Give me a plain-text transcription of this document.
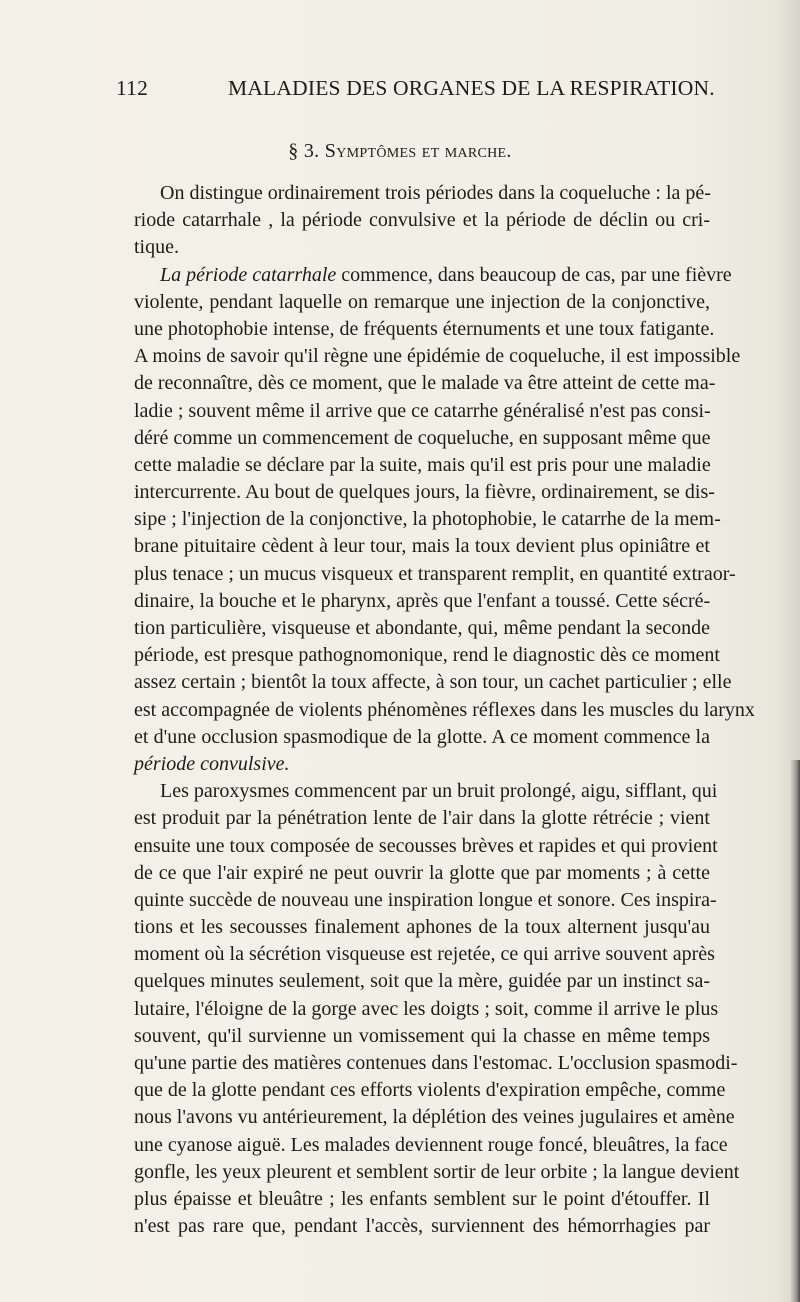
112	MALADIES DES ORGANES DE LA RESPIRATION.
§ 3. Symptômes et marche.
On distingue ordinairement trois périodes dans la coqueluche : la pé-
riode catarrhale , la période convulsive et la période de déclin ou cri-
tique.
La période catarrhale commence, dans beaucoup de cas, par une fièvre
violente, pendant laquelle on remarque une injection de la conjonctive,
une photophobie intense, de fréquents éternuments et une toux fatigante.
A moins de savoir qu'il règne une épidémie de coqueluche, il est impossible
de reconnaître, dès ce moment, que le malade va être atteint de cette ma-
ladie ; souvent même il arrive que ce catarrhe généralisé n'est pas consi-
déré comme un commencement de coqueluche, en supposant même que
cette maladie se déclare par la suite, mais qu'il est pris pour une maladie
intercurrente. Au bout de quelques jours, la fièvre, ordinairement, se dis-
sipe ; l'injection de la conjonctive, la photophobie, le catarrhe de la mem-
brane pituitaire cèdent à leur tour, mais la toux devient plus opiniâtre et
plus tenace ; un mucus visqueux et transparent remplit, en quantité extraor-
dinaire, la bouche et le pharynx, après que l'enfant a toussé. Cette sécré-
tion particulière, visqueuse et abondante, qui, même pendant la seconde
période, est presque pathognomonique, rend le diagnostic dès ce moment
assez certain ; bientôt la toux affecte, à son tour, un cachet particulier ; elle
est accompagnée de violents phénomènes réflexes dans les muscles du larynx
et d'une occlusion spasmodique de la glotte. A ce moment commence la
période convulsive.
Les paroxysmes commencent par un bruit prolongé, aigu, sifflant, qui
est produit par la pénétration lente de l'air dans la glotte rétrécie ; vient
ensuite une toux composée de secousses brèves et rapides et qui provient
de ce que l'air expiré ne peut ouvrir la glotte que par moments ; à cette
quinte succède de nouveau une inspiration longue et sonore. Ces inspira-
tions et les secousses finalement aphones de la toux alternent jusqu'au
moment où la sécrétion visqueuse est rejetée, ce qui arrive souvent après
quelques minutes seulement, soit que la mère, guidée par un instinct sa-
lutaire, l'éloigne de la gorge avec les doigts ; soit, comme il arrive le plus
souvent, qu'il survienne un vomissement qui la chasse en même temps
qu'une partie des matières contenues dans l'estomac. L'occlusion spasmodi-
que de la glotte pendant ces efforts violents d'expiration empêche, comme
nous l'avons vu antérieurement, la déplétion des veines jugulaires et amène
une cyanose aiguë. Les malades deviennent rouge foncé, bleuâtres, la face
gonfle, les yeux pleurent et semblent sortir de leur orbite ; la langue devient
plus épaisse et bleuâtre ; les enfants semblent sur le point d'étouffer. Il
n'est pas rare que, pendant l'accès, surviennent des hémorrhagies par
